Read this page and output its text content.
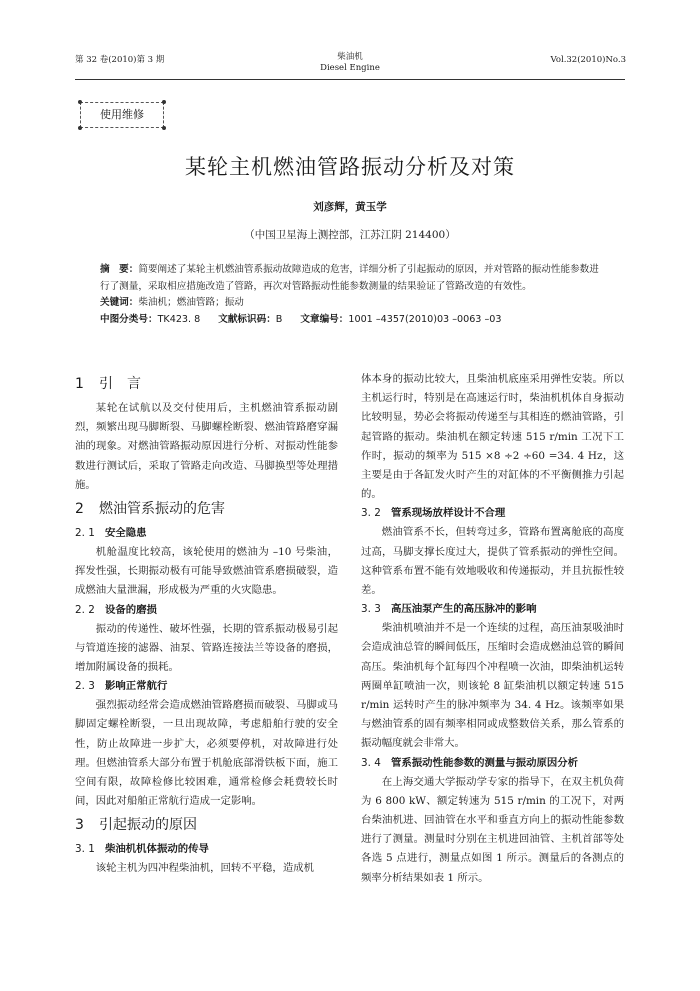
第 32 卷(2010)第 3 期	柴油机
Diesel Engine
Vol.32(2010)No.3
使用维修
某轮主机燃油管路振动分析及对策
刘彦辉，黄玉学
（中国卫星海上测控部，江苏江阴 214400）

摘　要：简要阐述了某轮主机燃油管系振动故障造成的危害，详细分析了引起振动的原因，并对管路的振动性能参数进行了测量，采取相应措施改造了管路，再次对管路振动性能参数测量的结果验证了管路改造的有效性。

关键词：柴油机；燃油管路；振动

中图分类号：TK423. 8 文献标识码：B 文章编号：1001 –4357(2010)03 –0063 –03

1 引　言

某轮在试航以及交付使用后，主机燃油管系振动剧烈，频繁出现马脚断裂、马脚螺栓断裂、燃油管路磨穿漏油的现象。对燃油管路振动原因进行分析、对振动性能参数进行测试后，采取了管路走向改造、马脚换型等处理措施。

2 燃油管系振动的危害
2. 1 安全隐患

机舱温度比较高，该轮使用的燃油为 –10 号柴油，挥发性强，长期振动极有可能导致燃油管系磨损破裂，造成燃油大量泄漏，形成极为严重的火灾隐患。

2. 2 设备的磨损

振动的传递性、破坏性强，长期的管系振动极易引起与管道连接的滤器、油泵、管路连接法兰等设备的磨损，增加附属设备的损耗。

2. 3 影响正常航行

强烈振动经常会造成燃油管路磨损而破裂、马脚或马脚固定螺栓断裂，一旦出现故障，考虑船舶行驶的安全性，防止故障进一步扩大，必须要停机，对故障进行处理。但燃油管系大部分布置于机舱底部滑铁板下面，施工空间有限，故障检修比较困难，通常检修会耗费较长时间，因此对船舶正常航行造成一定影响。

3 引起振动的原因
3. 1 柴油机机体振动的传导

该轮主机为四冲程柴油机，回转不平稳，造成机

体本身的振动比较大，且柴油机底座采用弹性安装。所以主机运行时，特别是在高速运行时，柴油机机体自身振动比较明显，势必会将振动传递至与其相连的燃油管路，引起管路的振动。柴油机在额定转速 515 r/min 工况下工作时，振动的频率为 515 ×8 ÷2 ÷60 =34. 4 Hz，这主要是由于各缸发火时产生的对缸体的不平衡侧推力引起的。

3. 2 管系现场放样设计不合理

燃油管系不长，但转弯过多，管路布置离舱底的高度过高，马脚支撑长度过大，提供了管系振动的弹性空间。这种管系布置不能有效地吸收和传递振动，并且抗振性较差。

3. 3 高压油泵产生的高压脉冲的影响

柴油机喷油并不是一个连续的过程，高压油泵吸油时会造成油总管的瞬间低压，压缩时会造成燃油总管的瞬间高压。柴油机每个缸每四个冲程喷一次油，即柴油机运转两圈单缸喷油一次，则该轮 8 缸柴油机以额定转速 515 r/min 运转时产生的脉冲频率为 34. 4 Hz。该频率如果与燃油管系的固有频率相同或成整数倍关系，那么管系的振动幅度就会非常大。

3. 4 管系振动性能参数的测量与振动原因分析

在上海交通大学振动学专家的指导下，在双主机负荷为 6 800 kW、额定转速为 515 r/min 的工况下，对两台柴油机进、回油管在水平和垂直方向上的振动性能参数进行了测量。测量时分别在主机进回油管、主机首部等处各选 5 点进行，测量点如图 1 所示。测量后的各测点的频率分析结果如表 1 所示。
